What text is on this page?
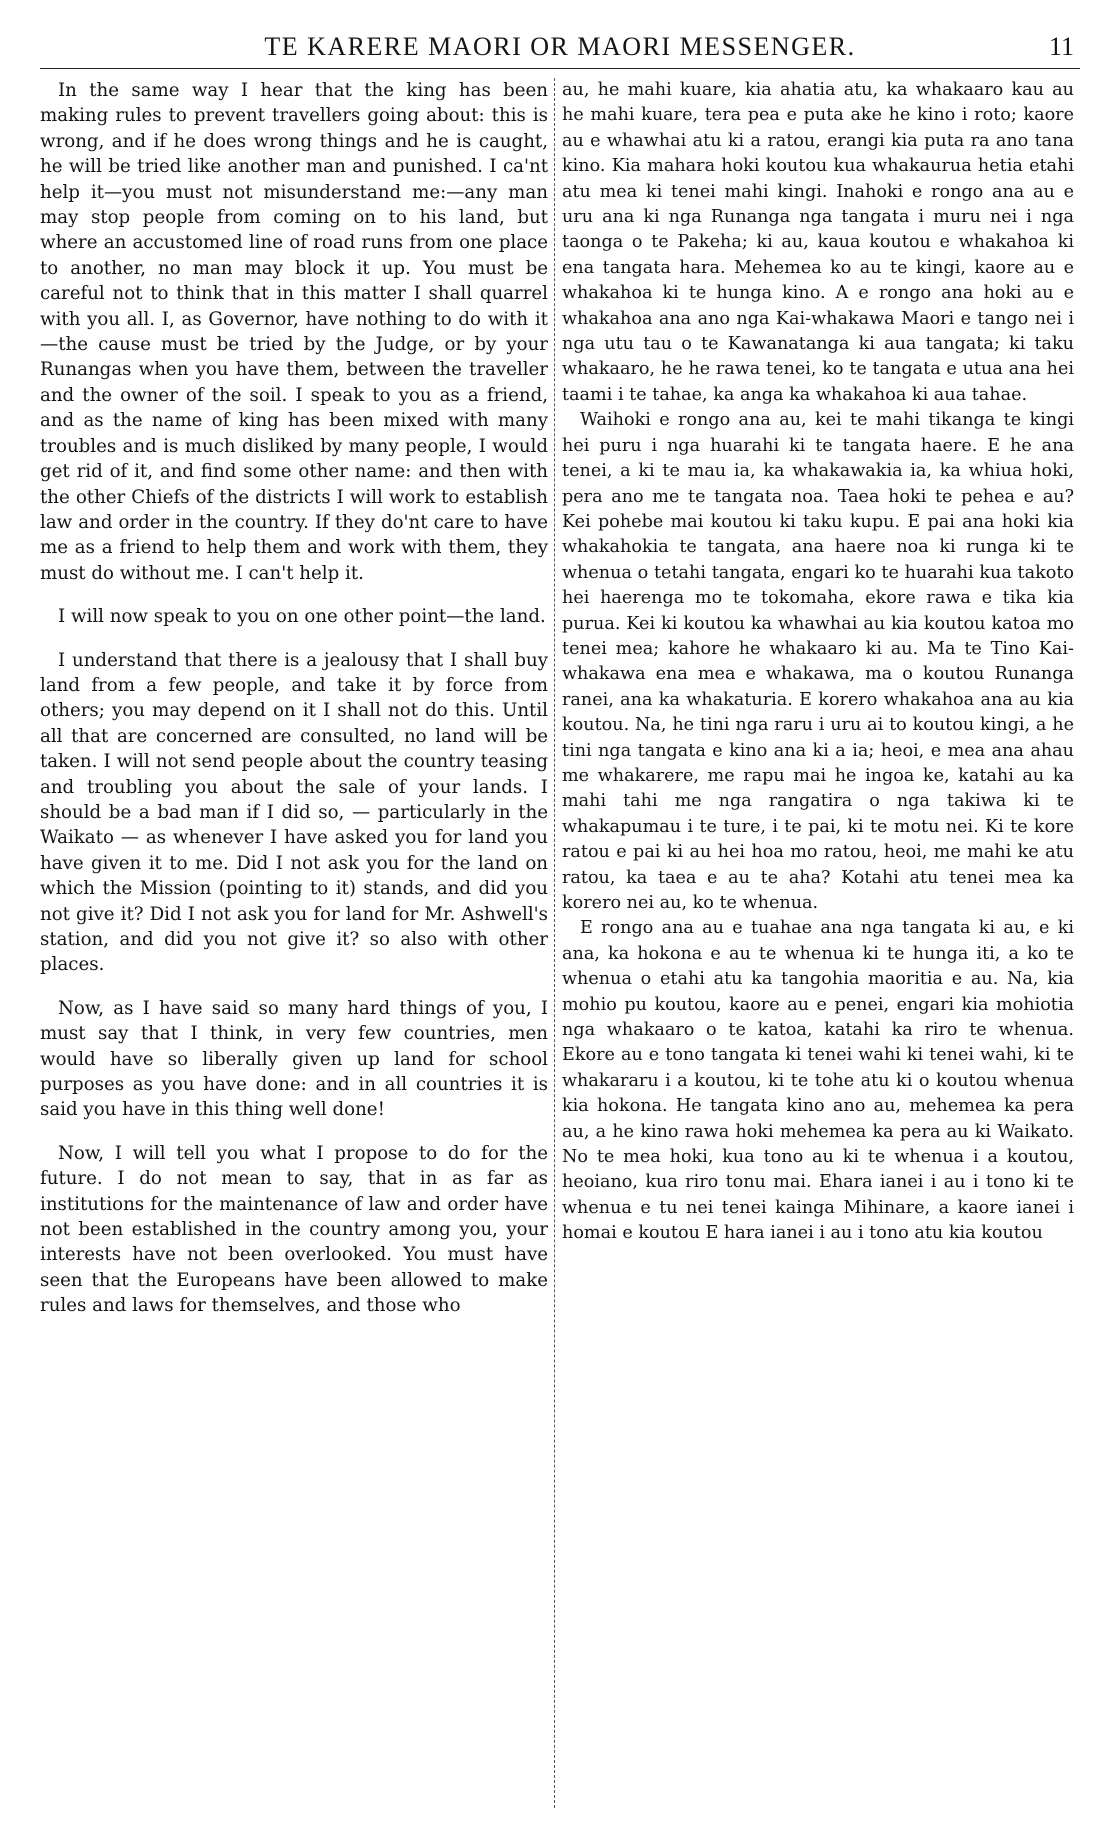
TE KARERE MAORI OR MAORI MESSENGER.	11

In the same way I hear that the king has been making rules to prevent travellers going about: this is wrong, and if he does wrong things and he is caught, he will be tried like another man and punished. I ca'nt help it—you must not misunderstand me:—any man may stop people from coming on to his land, but where an accustomed line of road runs from one place to another, no man may block it up. You must be careful not to think that in this matter I shall quarrel with you all. I, as Governor, have nothing to do with it—the cause must be tried by the Judge, or by your Runangas when you have them, between the traveller and the owner of the soil. I speak to you as a friend, and as the name of king has been mixed with many troubles and is much disliked by many people, I would get rid of it, and find some other name: and then with the other Chiefs of the districts I will work to establish law and order in the country. If they do'nt care to have me as a friend to help them and work with them, they must do without me. I can't help it.

I will now speak to you on one other point—the land.

I understand that there is a jealousy that I shall buy land from a few people, and take it by force from others; you may depend on it I shall not do this. Until all that are concerned are consulted, no land will be taken. I will not send people about the country teasing and troubling you about the sale of your lands. I should be a bad man if I did so, — particularly in the Waikato — as whenever I have asked you for land you have given it to me. Did I not ask you for the land on which the Mission (pointing to it) stands, and did you not give it? Did I not ask you for land for Mr. Ashwell's station, and did you not give it? so also with other places.

Now, as I have said so many hard things of you, I must say that I think, in very few countries, men would have so liberally given up land for school purposes as you have done: and in all countries it is said you have in this thing well done!

Now, I will tell you what I propose to do for the future. I do not mean to say, that in as far as institutions for the maintenance of law and order have not been established in the country among you, your interests have not been overlooked. You must have seen that the Europeans have been allowed to make rules and laws for themselves, and those who

au, he mahi kuare, kia ahatia atu, ka whakaaro kau au he mahi kuare, tera pea e puta ake he kino i roto; kaore au e whawhai atu ki a ratou, erangi kia puta ra ano tana kino. Kia mahara hoki koutou kua whakaurua hetia etahi atu mea ki tenei mahi kingi. Inahoki e rongo ana au e uru ana ki nga Runanga nga tangata i muru nei i nga taonga o te Pakeha; ki au, kaua koutou e whakahoa ki ena tangata hara. Mehemea ko au te kingi, kaore au e whakahoa ki te hunga kino. A e rongo ana hoki au e whakahoa ana ano nga Kai-whakawa Maori e tango nei i nga utu tau o te Kawanatanga ki aua tangata; ki taku whakaaro, he he rawa tenei, ko te tangata e utua ana hei taami i te tahae, ka anga ka whakahoa ki aua tahae.

Waihoki e rongo ana au, kei te mahi tikanga te kingi hei puru i nga huarahi ki te tangata haere. E he ana tenei, a ki te mau ia, ka whakawakia ia, ka whiua hoki, pera ano me te tangata noa. Taea hoki te pehea e au? Kei pohebe mai koutou ki taku kupu. E pai ana hoki kia whakahokia te tangata, ana haere noa ki runga ki te whenua o tetahi tangata, engari ko te huarahi kua takoto hei haerenga mo te tokomaha, ekore rawa e tika kia purua. Kei ki koutou ka whawhai au kia koutou katoa mo tenei mea; kahore he whakaaro ki au. Ma te Tino Kai-whakawa ena mea e whakawa, ma o koutou Runanga ranei, ana ka whakaturia. E korero whakahoa ana au kia koutou. Na, he tini nga raru i uru ai to koutou kingi, a he tini nga tangata e kino ana ki a ia; heoi, e mea ana ahau me whakarere, me rapu mai he ingoa ke, katahi au ka mahi tahi me nga rangatira o nga takiwa ki te whakapumau i te ture, i te pai, ki te motu nei. Ki te kore ratou e pai ki au hei hoa mo ratou, heoi, me mahi ke atu ratou, ka taea e au te aha? Kotahi atu tenei mea ka korero nei au, ko te whenua.

E rongo ana au e tuahae ana nga tangata ki au, e ki ana, ka hokona e au te whenua ki te hunga iti, a ko te whenua o etahi atu ka tangohia maoritia e au. Na, kia mohio pu koutou, kaore au e penei, engari kia mohiotia nga whakaaro o te katoa, katahi ka riro te whenua. Ekore au e tono tangata ki tenei wahi ki tenei wahi, ki te whakararu i a koutou, ki te tohe atu ki o koutou whenua kia hokona. He tangata kino ano au, mehemea ka pera au, a he kino rawa hoki mehemea ka pera au ki Waikato. No te mea hoki, kua tono au ki te whenua i a koutou, heoiano, kua riro tonu mai. Ehara ianei i au i tono ki te whenua e tu nei tenei kainga Mihinare, a kaore ianei i homai e koutou E hara ianei i au i tono atu kia koutou
